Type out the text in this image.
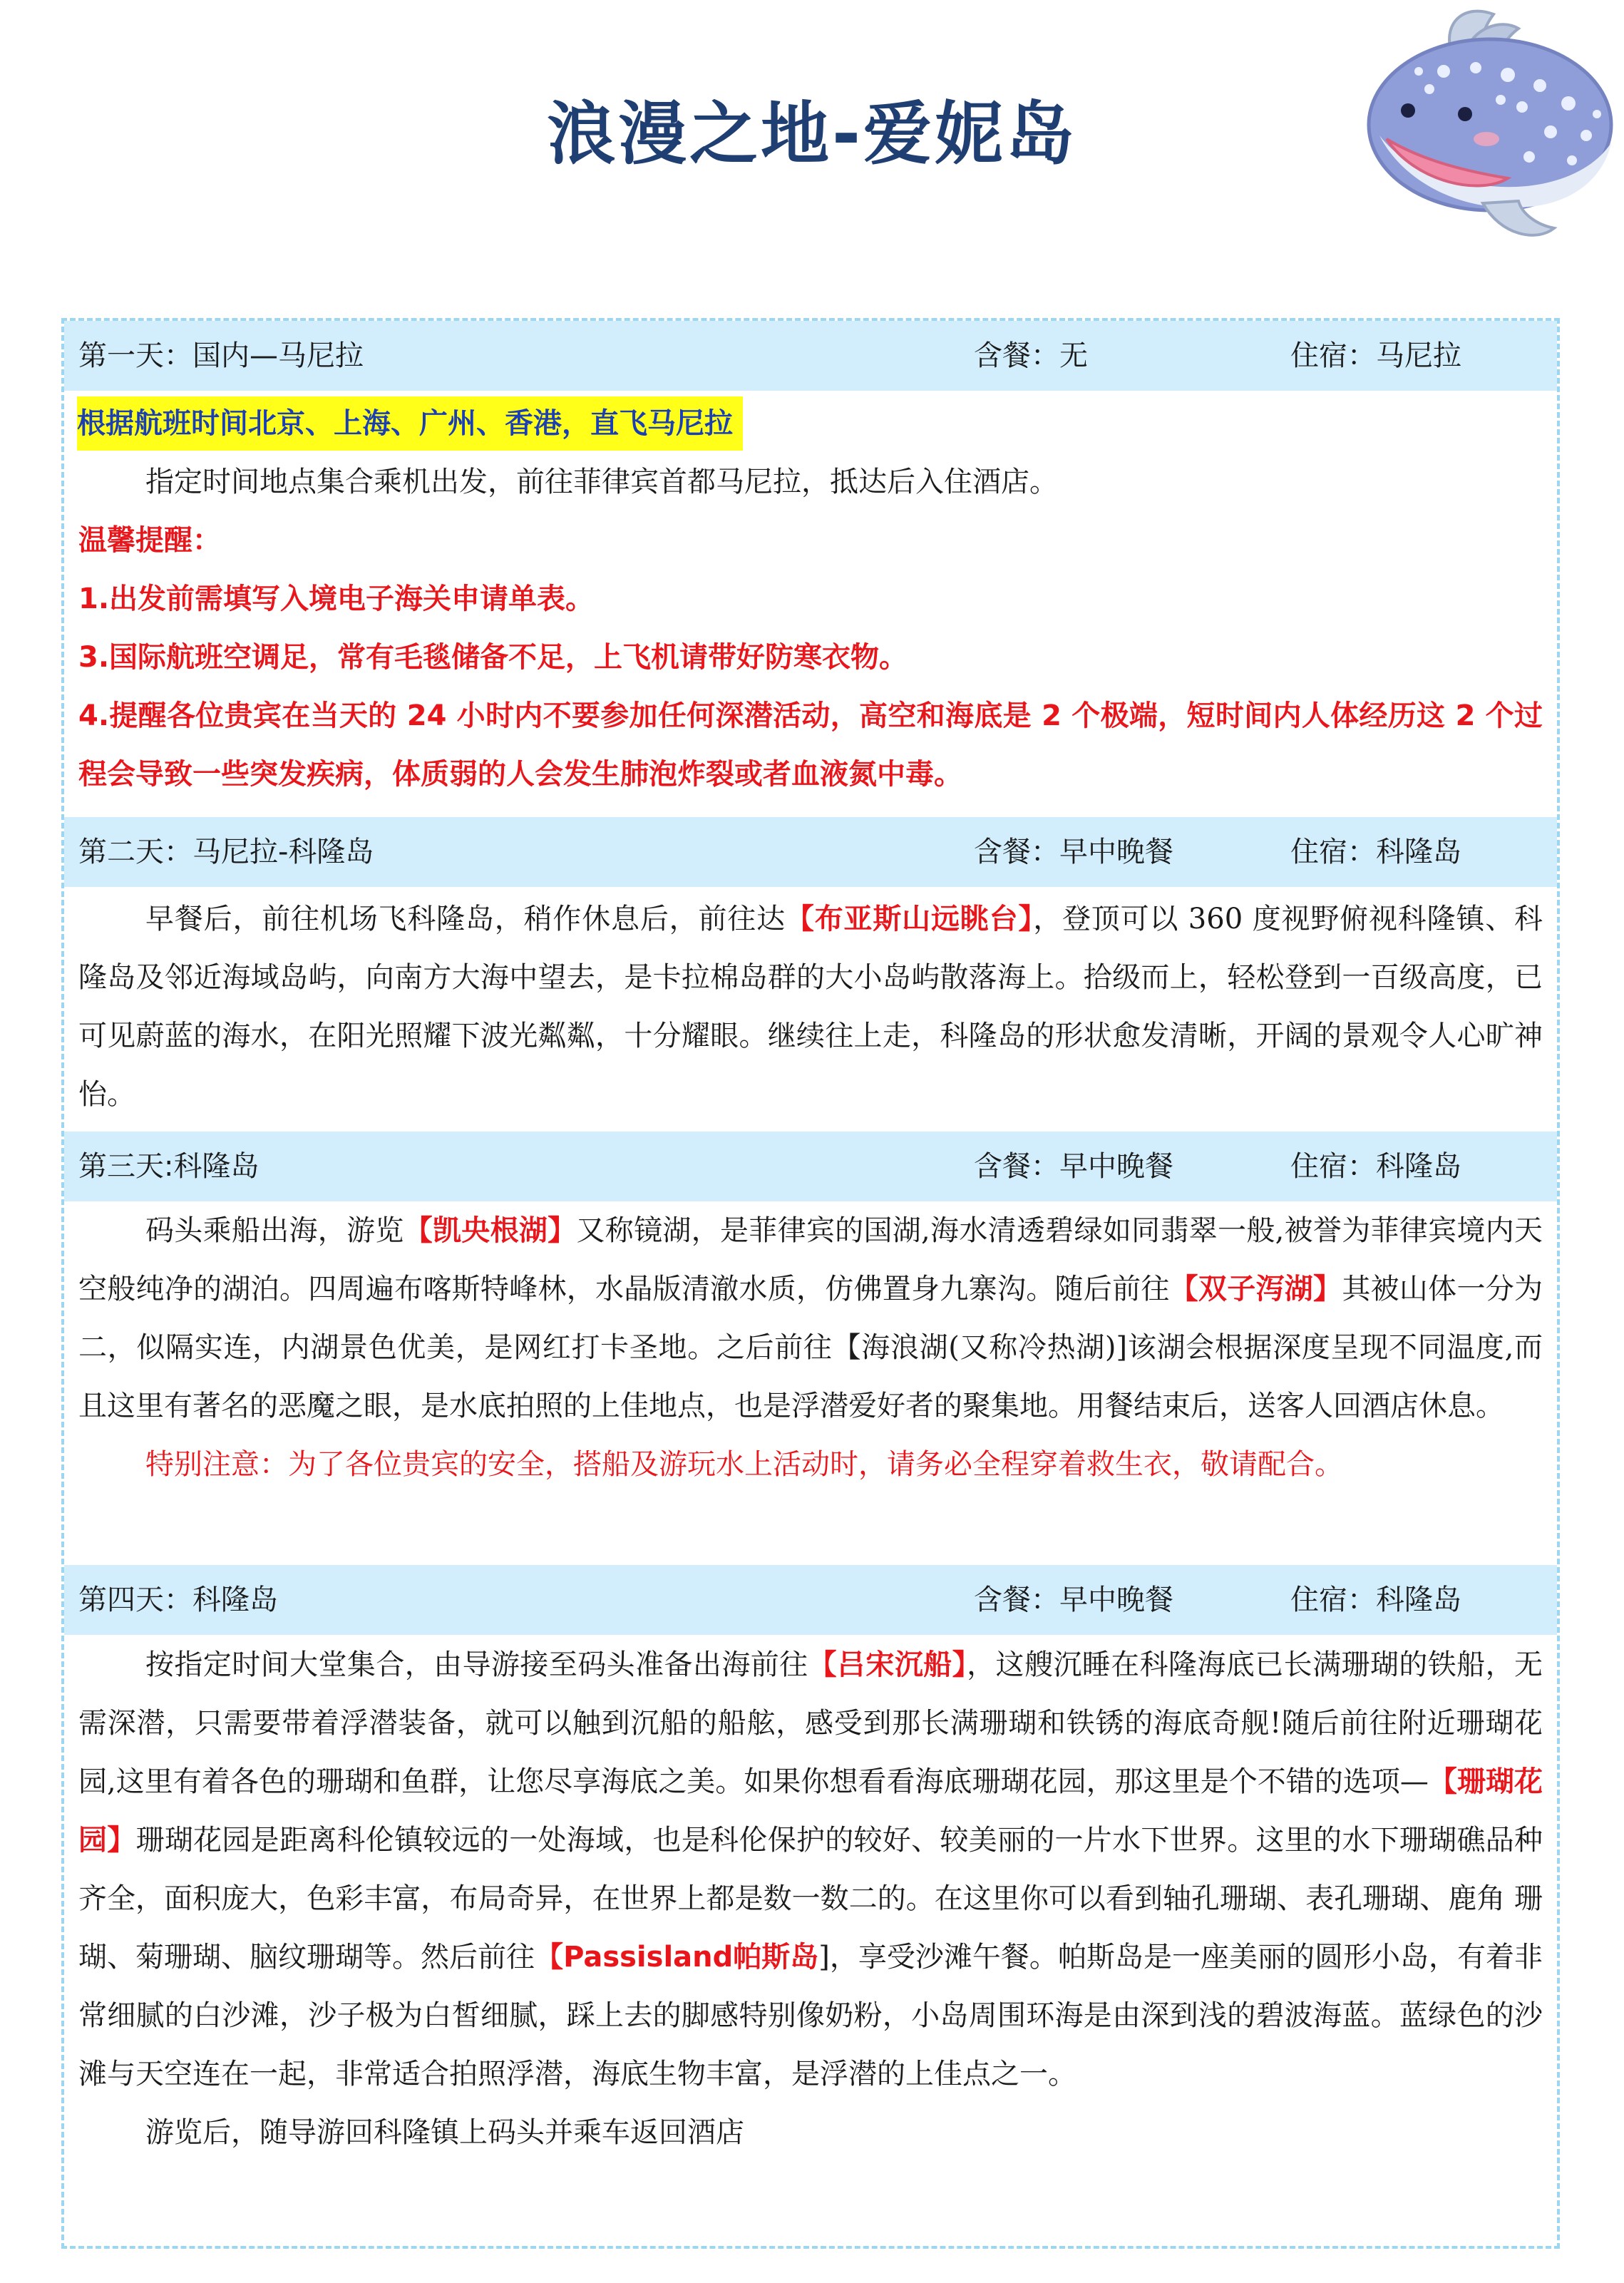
浪漫之地-爱妮岛
第一天：国内—马尼拉	含餐：无	住宿：马尼拉

根据航班时间北京、上海、广州、香港，直飞马尼拉

指定时间地点集合乘机出发，前往菲律宾首都马尼拉，抵达后入住酒店。

温馨提醒：

1.出发前需填写入境电子海关申请单表。

3.国际航班空调足，常有毛毯储备不足，上飞机请带好防寒衣物。

4.提醒各位贵宾在当天的 24 小时内不要参加任何深潜活动，高空和海底是 2 个极端，短时间内人体经历这 2 个过程会导致一些突发疾病，体质弱的人会发生肺泡炸裂或者血液氮中毒。

第二天：马尼拉-科隆岛	含餐：早中晚餐	住宿：科隆岛

早餐后，前往机场飞科隆岛，稍作休息后，前往达【布亚斯山远眺台】，登顶可以 360 度视野俯视科隆镇、科隆岛及邻近海域岛屿，向南方大海中望去，是卡拉棉岛群的大小岛屿散落海上。拾级而上，轻松登到一百级高度，已可见蔚蓝的海水，在阳光照耀下波光粼粼，十分耀眼。继续往上走，科隆岛的形状愈发清晰，开阔的景观令人心旷神怡。

第三天:科隆岛	含餐：早中晚餐	住宿：科隆岛

码头乘船出海，游览【凯央根湖】又称镜湖，是菲律宾的国湖,海水清透碧绿如同翡翠一般,被誉为菲律宾境内天空般纯净的湖泊。四周遍布喀斯特峰林，水晶版清澈水质，仿佛置身九寨沟。随后前往【双子泻湖】其被山体一分为二，似隔实连，内湖景色优美，是网红打卡圣地。之后前往【海浪湖(又称冷热湖)]该湖会根据深度呈现不同温度,而且这里有著名的恶魔之眼，是水底拍照的上佳地点，也是浮潜爱好者的聚集地。用餐结束后，送客人回酒店休息。

特别注意：为了各位贵宾的安全，搭船及游玩水上活动时，请务必全程穿着救生衣，敬请配合。

第四天：科隆岛	含餐：早中晚餐	住宿：科隆岛

按指定时间大堂集合，由导游接至码头准备出海前往【吕宋沉船】，这艘沉睡在科隆海底已长满珊瑚的铁船，无需深潜，只需要带着浮潜装备，就可以触到沉船的船舷，感受到那长满珊瑚和铁锈的海底奇舰!随后前往附近珊瑚花园,这里有着各色的珊瑚和鱼群，让您尽享海底之美。如果你想看看海底珊瑚花园，那这里是个不错的选项—【珊瑚花园】珊瑚花园是距离科伦镇较远的一处海域，也是科伦保护的较好、较美丽的一片水下世界。这里的水下珊瑚礁品种齐全，面积庞大，色彩丰富，布局奇异，在世界上都是数一数二的。在这里你可以看到轴孔珊瑚、表孔珊瑚、鹿角 珊瑚、菊珊瑚、脑纹珊瑚等。然后前往【Passisland帕斯岛]，享受沙滩午餐。帕斯岛是一座美丽的圆形小岛，有着非常细腻的白沙滩，沙子极为白皙细腻，踩上去的脚感特别像奶粉，小岛周围环海是由深到浅的碧波海蓝。蓝绿色的沙滩与天空连在一起，非常适合拍照浮潜，海底生物丰富，是浮潜的上佳点之一。

游览后，随导游回科隆镇上码头并乘车返回酒店
